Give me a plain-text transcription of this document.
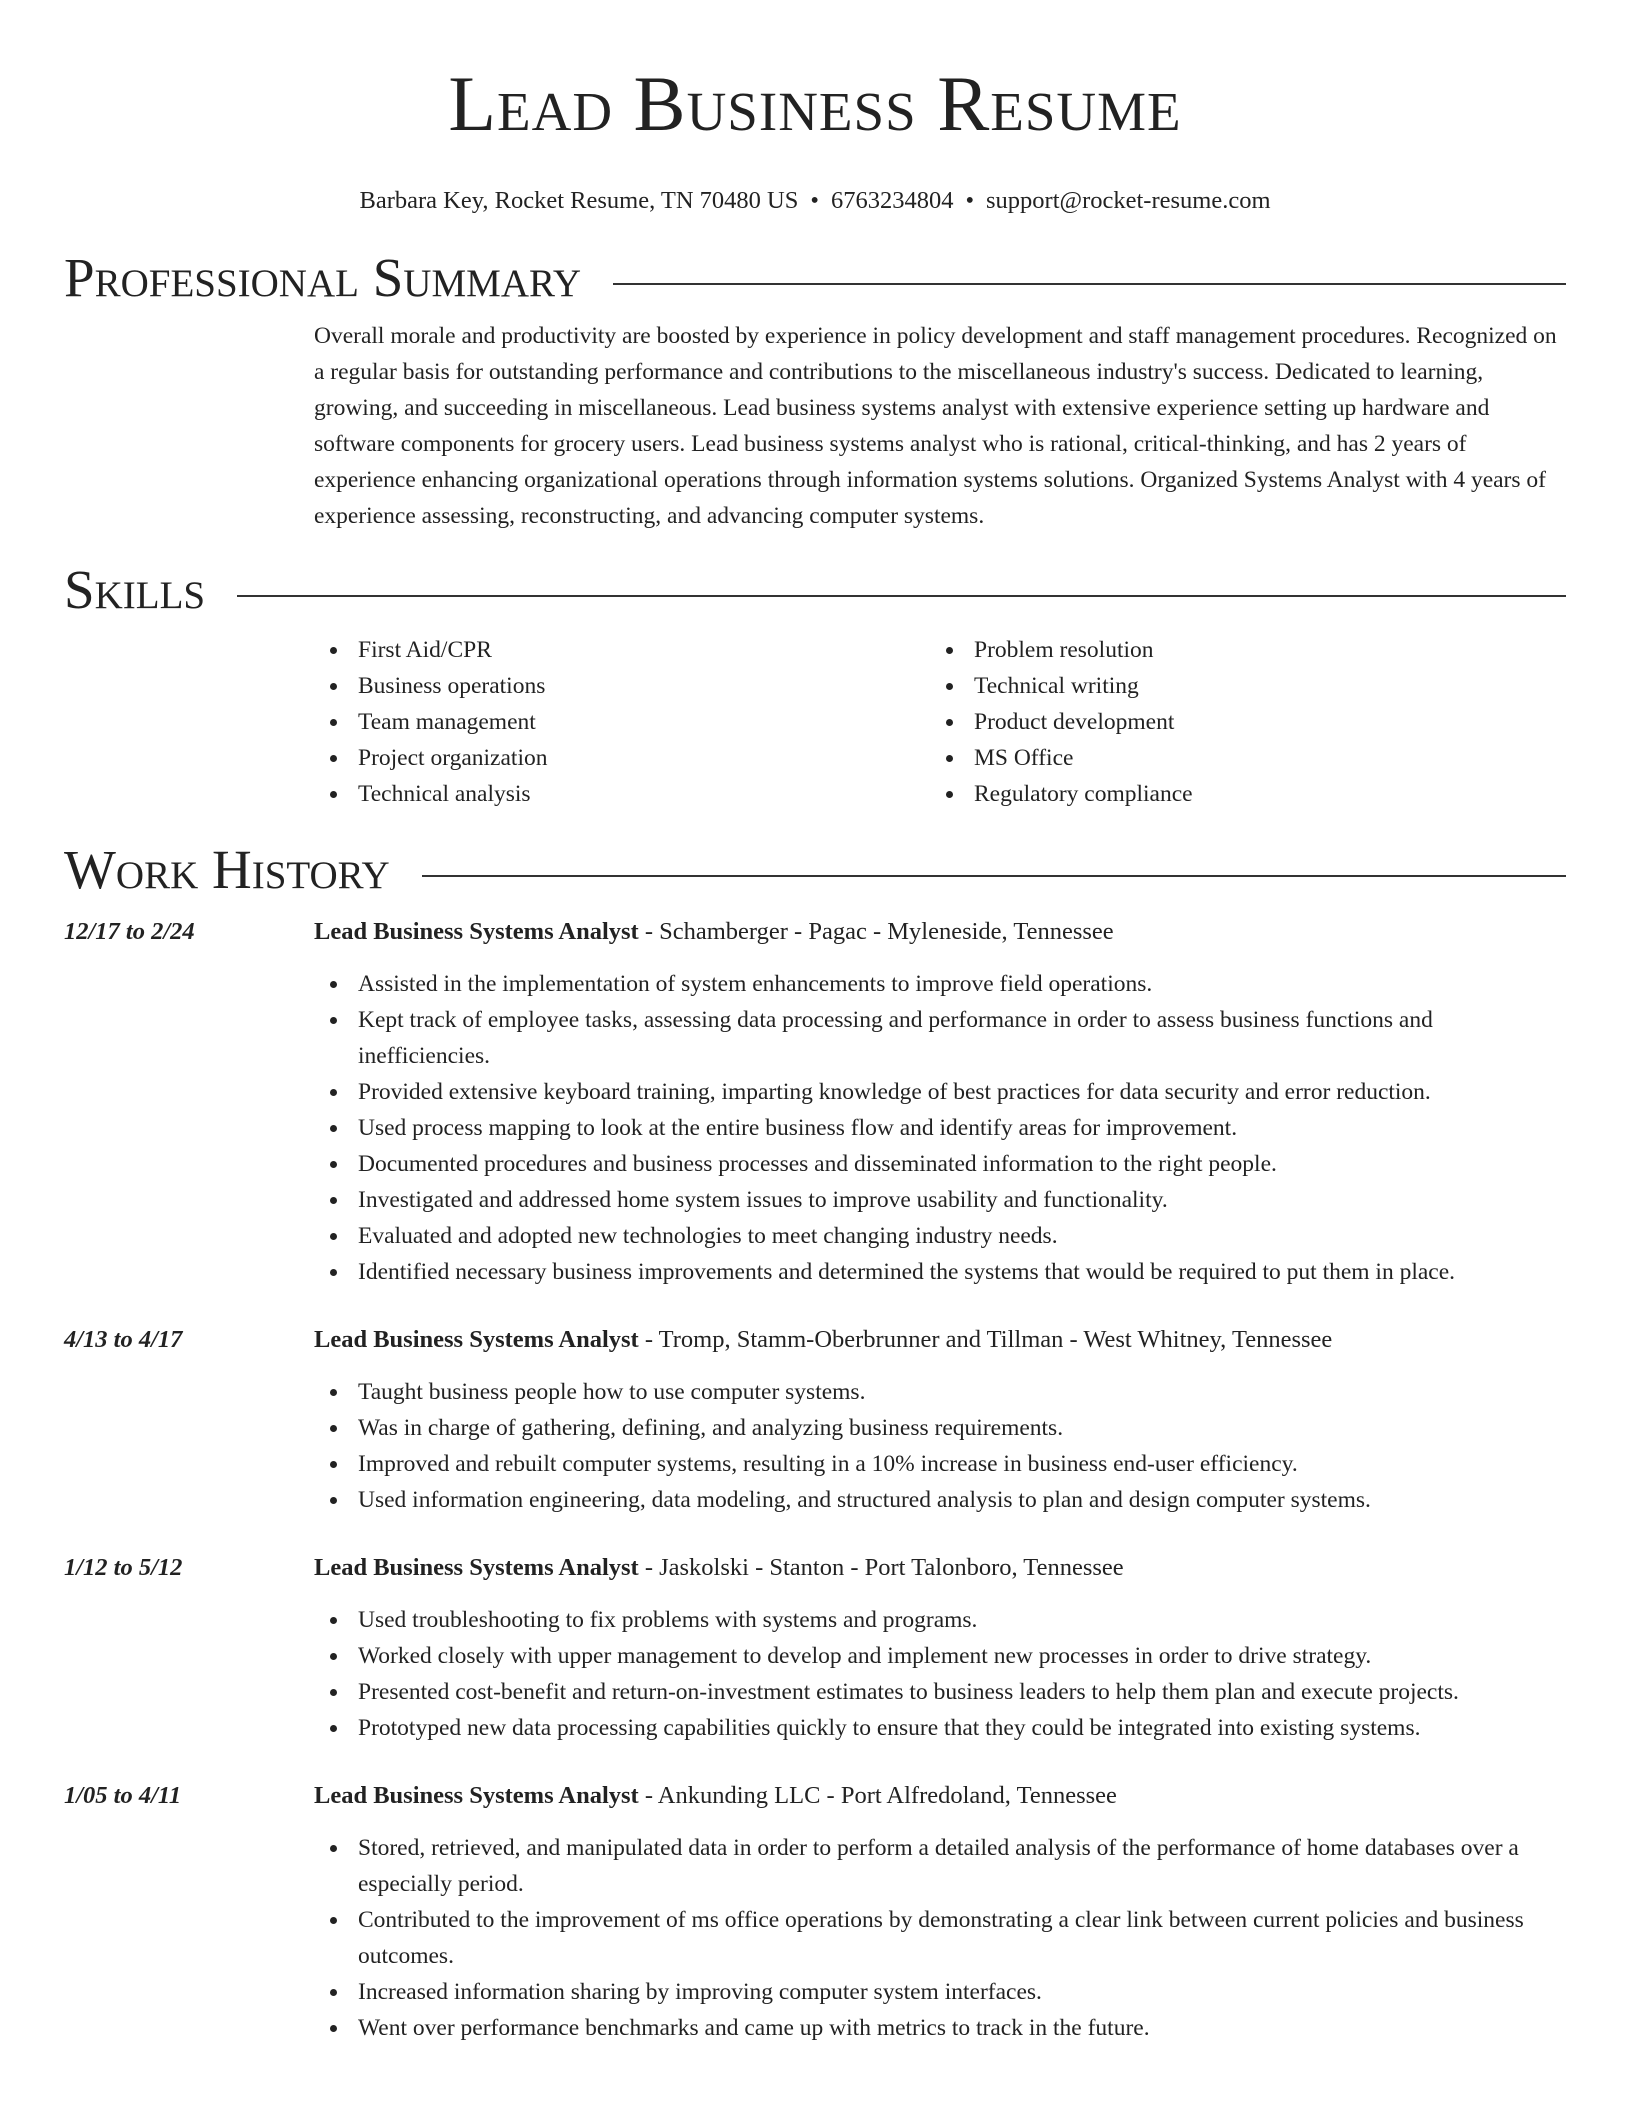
Lead Business Resume
Barbara Key, Rocket Resume, TN 70480 US • 6763234804 • support@rocket-resume.com
Professional Summary
Overall morale and productivity are boosted by experience in policy development and staff management procedures. Recognized on a regular basis for outstanding performance and contributions to the miscellaneous industry's success. Dedicated to learning, growing, and succeeding in miscellaneous. Lead business systems analyst with extensive experience setting up hardware and software components for grocery users. Lead business systems analyst who is rational, critical-thinking, and has 2 years of experience enhancing organizational operations through information systems solutions. Organized Systems Analyst with 4 years of experience assessing, reconstructing, and advancing computer systems.
Skills
First Aid/CPR
Business operations
Team management
Project organization
Technical analysis
Problem resolution
Technical writing
Product development
MS Office
Regulatory compliance
Work History
12/17 to 2/24	Lead Business Systems Analyst - Schamberger - Pagac - Myleneside, Tennessee
Assisted in the implementation of system enhancements to improve field operations.
Kept track of employee tasks, assessing data processing and performance in order to assess business functions and inefficiencies.
Provided extensive keyboard training, imparting knowledge of best practices for data security and error reduction.
Used process mapping to look at the entire business flow and identify areas for improvement.
Documented procedures and business processes and disseminated information to the right people.
Investigated and addressed home system issues to improve usability and functionality.
Evaluated and adopted new technologies to meet changing industry needs.
Identified necessary business improvements and determined the systems that would be required to put them in place.
4/13 to 4/17	Lead Business Systems Analyst - Tromp, Stamm-Oberbrunner and Tillman - West Whitney, Tennessee
Taught business people how to use computer systems.
Was in charge of gathering, defining, and analyzing business requirements.
Improved and rebuilt computer systems, resulting in a 10% increase in business end-user efficiency.
Used information engineering, data modeling, and structured analysis to plan and design computer systems.
1/12 to 5/12	Lead Business Systems Analyst - Jaskolski - Stanton - Port Talonboro, Tennessee
Used troubleshooting to fix problems with systems and programs.
Worked closely with upper management to develop and implement new processes in order to drive strategy.
Presented cost-benefit and return-on-investment estimates to business leaders to help them plan and execute projects.
Prototyped new data processing capabilities quickly to ensure that they could be integrated into existing systems.
1/05 to 4/11	Lead Business Systems Analyst - Ankunding LLC - Port Alfredoland, Tennessee
Stored, retrieved, and manipulated data in order to perform a detailed analysis of the performance of home databases over a especially period.
Contributed to the improvement of ms office operations by demonstrating a clear link between current policies and business outcomes.
Increased information sharing by improving computer system interfaces.
Went over performance benchmarks and came up with metrics to track in the future.
